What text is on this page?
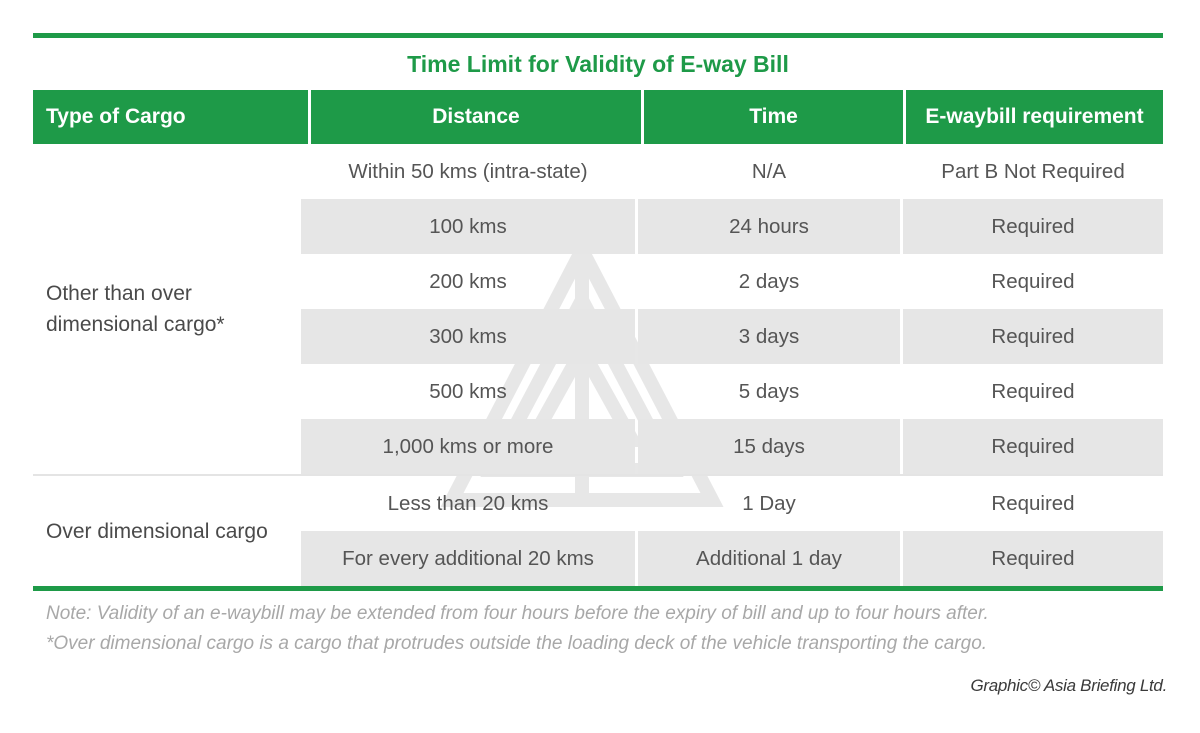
Time Limit for Validity of E-way Bill
Type of Cargo	Distance	Time	E-waybill requirement
Other than over dimensional cargo*
Within 50 kms (intra-state)	N/A	Part B Not Required
100 kms	24 hours	Required
200 kms	2 days	Required
300 kms	3 days	Required
500 kms	5 days	Required
1,000 kms or more	15 days	Required
Over dimensional cargo
Less than 20 kms	1 Day	Required
For every additional 20 kms	Additional 1 day	Required
Note: Validity of an e-waybill may be extended from four hours before the expiry of bill and up to four hours after.
*Over dimensional cargo is a cargo that protrudes outside the loading deck of the vehicle transporting the cargo.
Graphic© Asia Briefing Ltd.
